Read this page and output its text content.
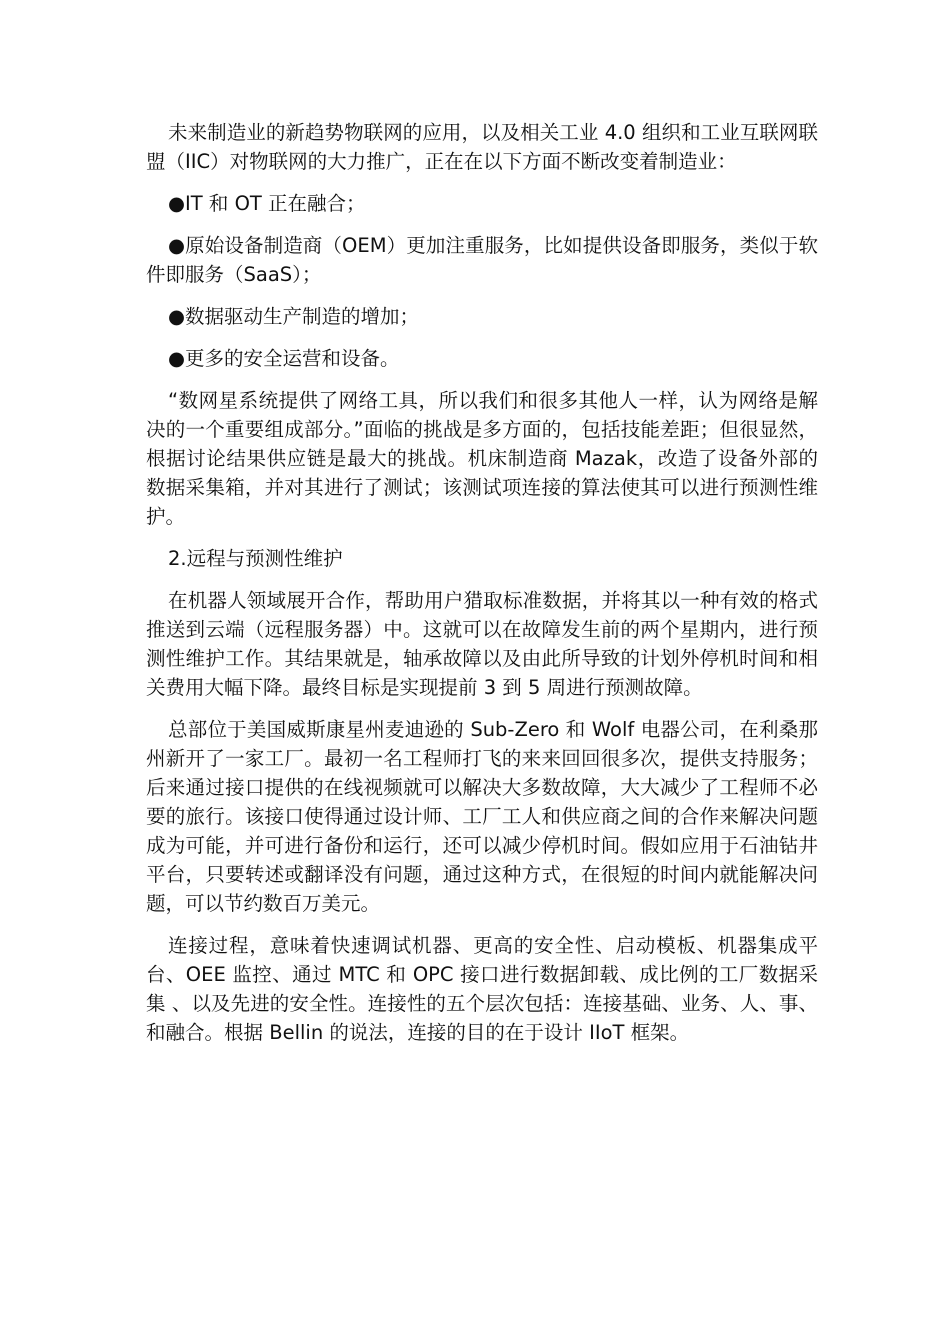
未来制造业的新趋势物联网的应用，以及相关工业 4.0 组织和工业互联网联盟（IIC）对物联网的大力推广，正在在以下方面不断改变着制造业：

●IT 和 OT 正在融合；

●原始设备制造商（OEM）更加注重服务，比如提供设备即服务，类似于软件即服务（SaaS）；

●数据驱动生产制造的增加；

●更多的安全运营和设备。

“数网星系统提供了网络工具，所以我们和很多其他人一样，认为网络是解决的一个重要组成部分。”面临的挑战是多方面的，包括技能差距；但很显然，根据讨论结果供应链是最大的挑战。机床制造商 Mazak，改造了设备外部的数据采集箱，并对其进行了测试；该测试项连接的算法使其可以进行预测性维护。

2.远程与预测性维护

在机器人领域展开合作，帮助用户猎取标准数据，并将其以一种有效的格式推送到云端（远程服务器）中。这就可以在故障发生前的两个星期内，进行预测性维护工作。其结果就是，轴承故障以及由此所导致的计划外停机时间和相关费用大幅下降。最终目标是实现提前 3 到 5 周进行预测故障。

总部位于美国威斯康星州麦迪逊的 Sub-Zero 和 Wolf 电器公司，在利桑那州新开了一家工厂。最初一名工程师打飞的来来回回很多次，提供支持服务；后来通过接口提供的在线视频就可以解决大多数故障，大大减少了工程师不必要的旅行。该接口使得通过设计师、工厂工人和供应商之间的合作来解决问题成为可能，并可进行备份和运行，还可以减少停机时间。假如应用于石油钻井平台，只要转述或翻译没有问题，通过这种方式，在很短的时间内就能解决问题，可以节约数百万美元。

连接过程，意味着快速调试机器、更高的安全性、启动模板、机器集成平台、OEE 监控、通过 MTC 和 OPC 接口进行数据卸载、成比例的工厂数据采集 、以及先进的安全性。连接性的五个层次包括：连接基础、业务、人、事、和融合。根据 Bellin 的说法，连接的目的在于设计 IIoT 框架。
